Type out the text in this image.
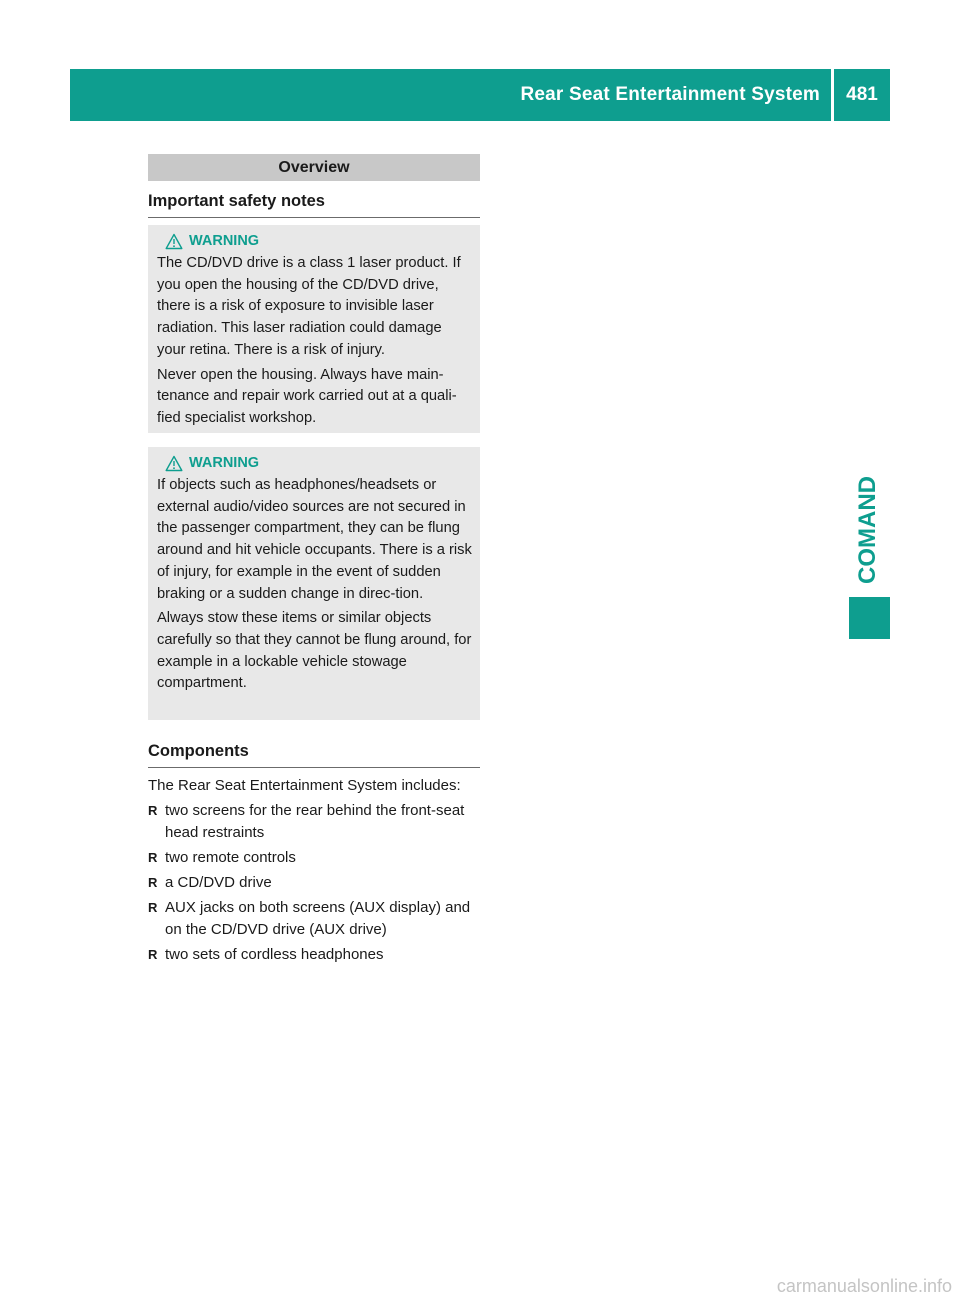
Rear Seat Entertainment System	481
COMAND
Overview
Important safety notes
WARNING

The CD/DVD drive is a class 1 laser product. If you open the housing of the CD/DVD drive, there is a risk of exposure to invisible laser radiation. This laser radiation could damage your retina. There is a risk of injury.

Never open the housing. Always have main-tenance and repair work carried out at a quali-fied specialist workshop.

WARNING

If objects such as headphones/headsets or external audio/video sources are not secured in the passenger compartment, they can be flung around and hit vehicle occupants. There is a risk of injury, for example in the event of sudden braking or a sudden change in direc-tion.

Always stow these items or similar objects carefully so that they cannot be flung around, for example in a lockable vehicle stowage compartment.

Components

The Rear Seat Entertainment System includes:

R two screens for the rear behind the front-seat head restraints
R two remote controls
R a CD/DVD drive
R AUX jacks on both screens (AUX display) and on the CD/DVD drive (AUX drive)
R two sets of cordless headphones
carmanualsonline.info
